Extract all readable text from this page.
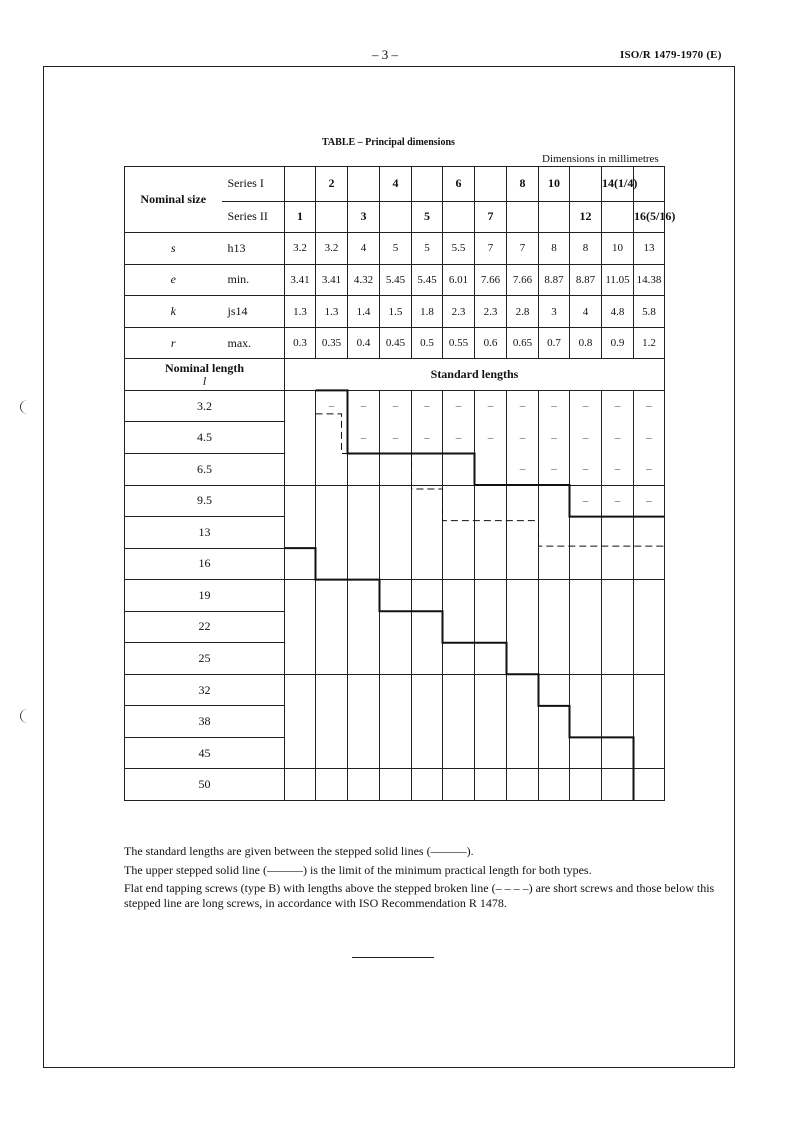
– 3 –	ISO/R 1479-1970 (E)
TABLE – Principal dimensions
Dimensions in millimetres
Nominal size	Series I		2		4		6		8	10		14(1/4)	
	Series II	1		3		5		7			12		16(5/16)
s	h13	3.2	3.2	4	5	5	5.5	7	7	8	8	10	13
e	min.	3.41	3.41	4.32	5.45	5.45	6.01	7.66	7.66	8.87	8.87	11.05	14.38
k	js14	1.3	1.3	1.4	1.5	1.8	2.3	2.3	2.8	3	4	4.8	5.8
r	max.	0.3	0.35	0.4	0.45	0.5	0.55	0.6	0.65	0.7	0.8	0.9	1.2

Nominal length
l		Standard lengths											
3.2			–	–	–	–	–	–	–	–	–	–	–
4.5				–	–	–	–	–	–	–	–	–	–
6.5									–	–	–	–	–
9.5											–	–	–
13													
16													
19													
22													
25													
32													
38													
45													
50													

The standard lengths are given between the stepped solid lines (———).

The upper stepped solid line (———) is the limit of the minimum practical length for both types.

Flat end tapping screws (type B) with lengths above the stepped broken line (– – – –) are short screws and those below this stepped line are long screws, in accordance with ISO Recommendation R 1478.
